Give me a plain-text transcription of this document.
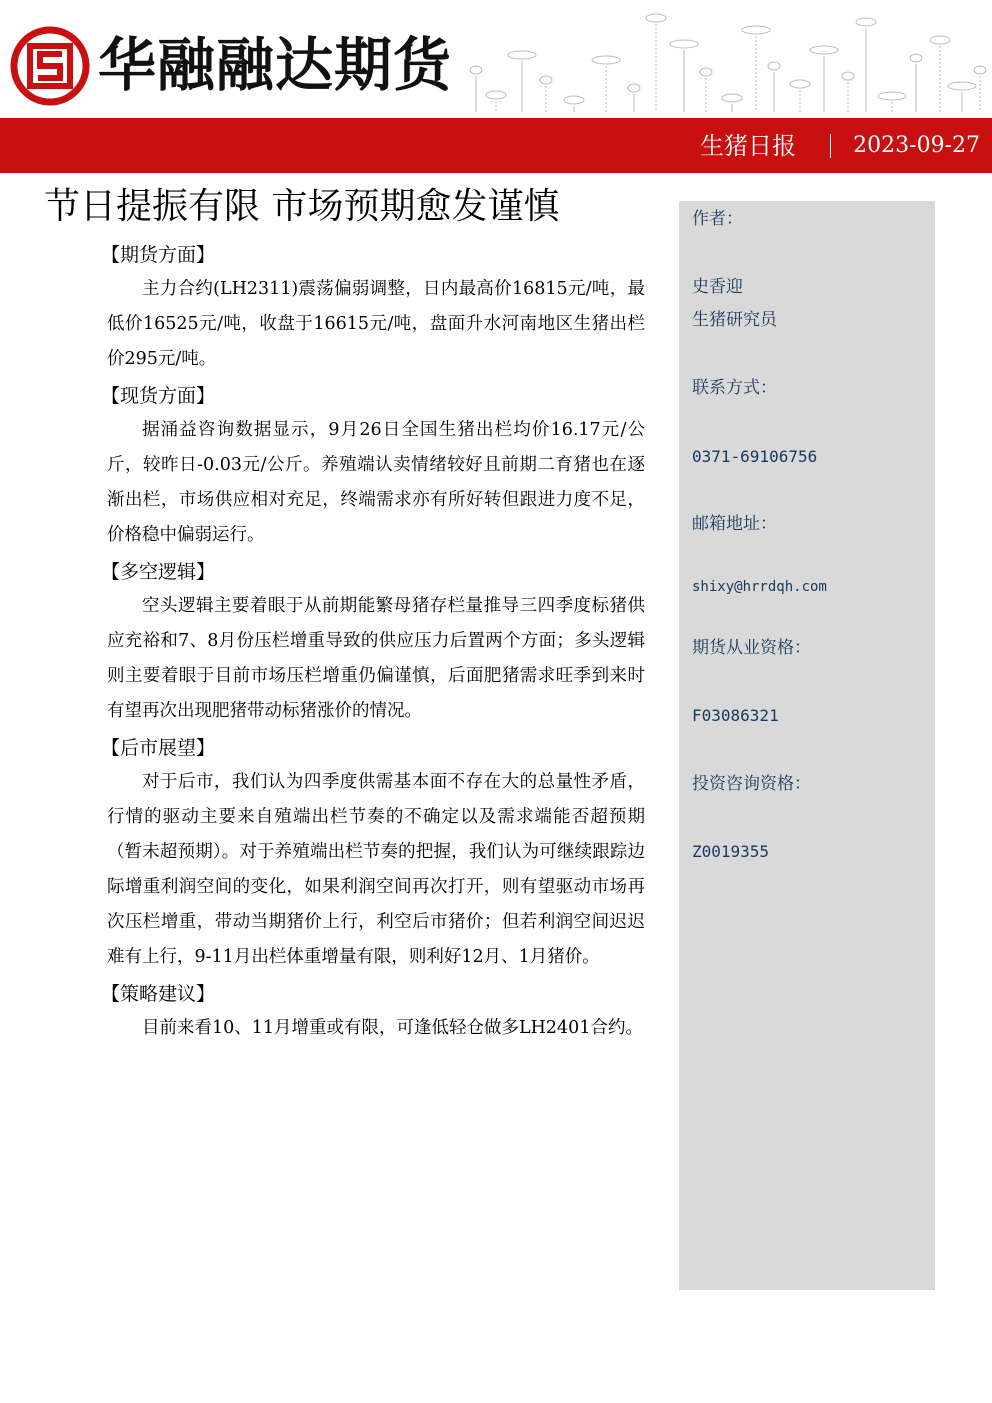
华融融达期货
生猪日报	2023-09-27
节日提振有限 市场预期愈发谨慎
【期货方面】

主力合约(LH2311)震荡偏弱调整，日内最高价16815元/吨，最低价16525元/吨，收盘于16615元/吨，盘面升水河南地区生猪出栏价295元/吨。

【现货方面】

据涌益咨询数据显示，9月26日全国生猪出栏均价16.17元/公斤，较昨日-0.03元/公斤。养殖端认卖情绪较好且前期二育猪也在逐渐出栏，市场供应相对充足，终端需求亦有所好转但跟进力度不足，价格稳中偏弱运行。

【多空逻辑】

空头逻辑主要着眼于从前期能繁母猪存栏量推导三四季度标猪供应充裕和7、8月份压栏增重导致的供应压力后置两个方面；多头逻辑则主要着眼于目前市场压栏增重仍偏谨慎，后面肥猪需求旺季到来时有望再次出现肥猪带动标猪涨价的情况。

【后市展望】

对于后市，我们认为四季度供需基本面不存在大的总量性矛盾，行情的驱动主要来自殖端出栏节奏的不确定以及需求端能否超预期（暂未超预期）。对于养殖端出栏节奏的把握，我们认为可继续跟踪边际增重利润空间的变化，如果利润空间再次打开，则有望驱动市场再次压栏增重，带动当期猪价上行，利空后市猪价；但若利润空间迟迟难有上行，9-11月出栏体重增量有限，则利好12月、1月猪价。

【策略建议】

目前来看10、11月增重或有限，可逢低轻仓做多LH2401合约。

作者：
史香迎
生猪研究员
联系方式：
0371-69106756
邮箱地址：
shixy@hrrdqh.com
期货从业资格：
F03086321
投资咨询资格：
Z0019355
